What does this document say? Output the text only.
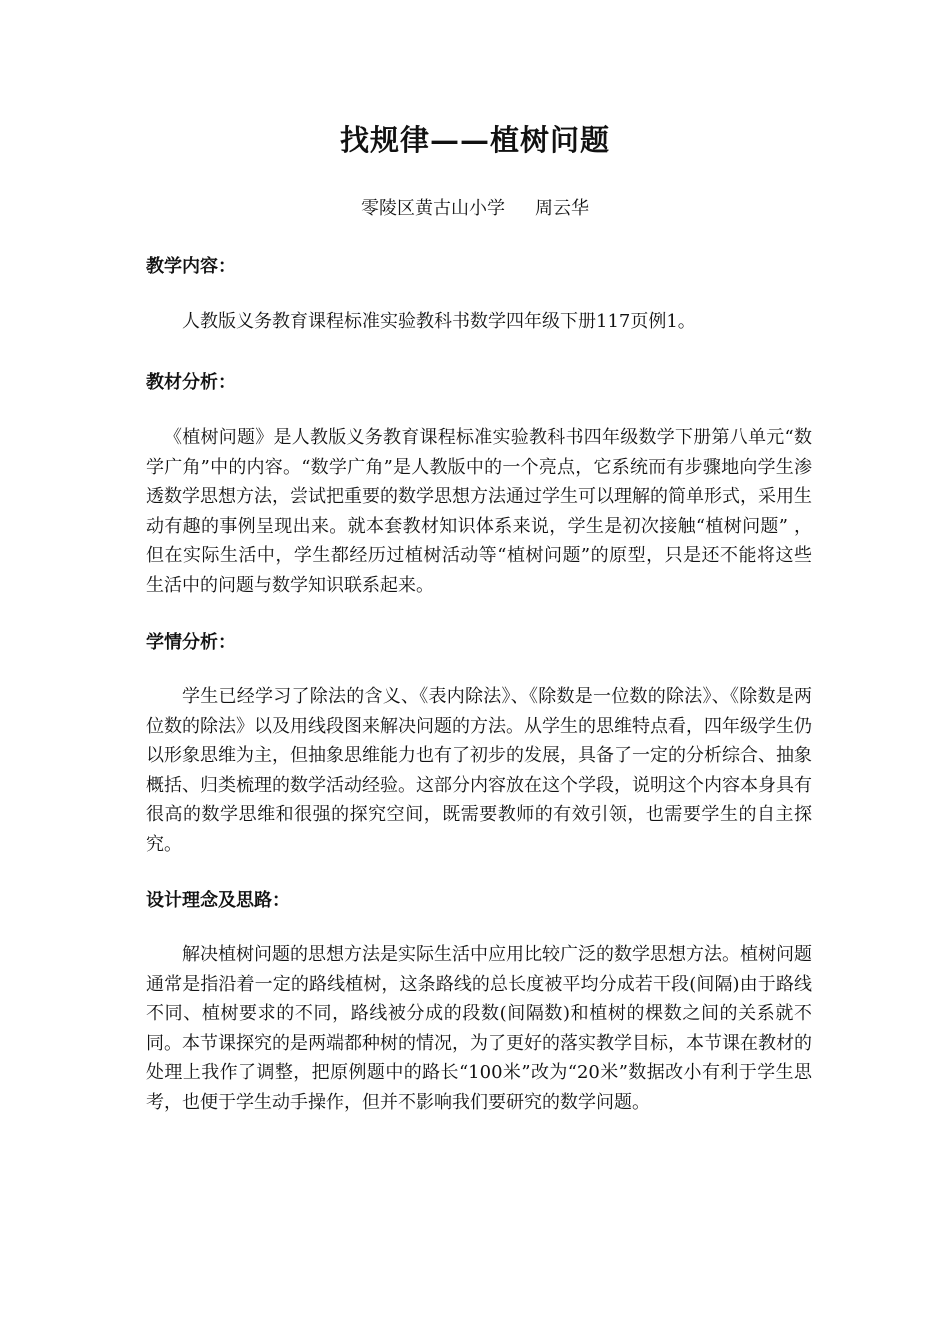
找规律——植树问题
零陵区黄古山小学 周云华
教学内容：
人教版义务教育课程标准实验教科书数学四年级下册117页例1。
教材分析：
《植树问题》是人教版义务教育课程标准实验教科书四年级数学下册第八单元“数学广角”中的内容。“数学广角”是人教版中的一个亮点，它系统而有步骤地向学生渗透数学思想方法，尝试把重要的数学思想方法通过学生可以理解的简单形式，采用生动有趣的事例呈现出来。就本套教材知识体系来说，学生是初次接触“植树问题” ，但在实际生活中，学生都经历过植树活动等“植树问题”的原型，只是还不能将这些生活中的问题与数学知识联系起来。
学情分析：
学生已经学习了除法的含义、《表内除法》、《除数是一位数的除法》、《除数是两位数的除法》以及用线段图来解决问题的方法。从学生的思维特点看，四年级学生仍以形象思维为主，但抽象思维能力也有了初步的发展，具备了一定的分析综合、抽象概括、归类梳理的数学活动经验。这部分内容放在这个学段，说明这个内容本身具有很高的数学思维和很强的探究空间，既需要教师的有效引领，也需要学生的自主探究。
设计理念及思路：
解决植树问题的思想方法是实际生活中应用比较广泛的数学思想方法。植树问题通常是指沿着一定的路线植树，这条路线的总长度被平均分成若干段(间隔)由于路线不同、植树要求的不同，路线被分成的段数(间隔数)和植树的棵数之间的关系就不同。本节课探究的是两端都种树的情况，为了更好的落实教学目标，本节课在教材的处理上我作了调整，把原例题中的路长“100米”改为“20米”数据改小有利于学生思考，也便于学生动手操作，但并不影响我们要研究的数学问题。
